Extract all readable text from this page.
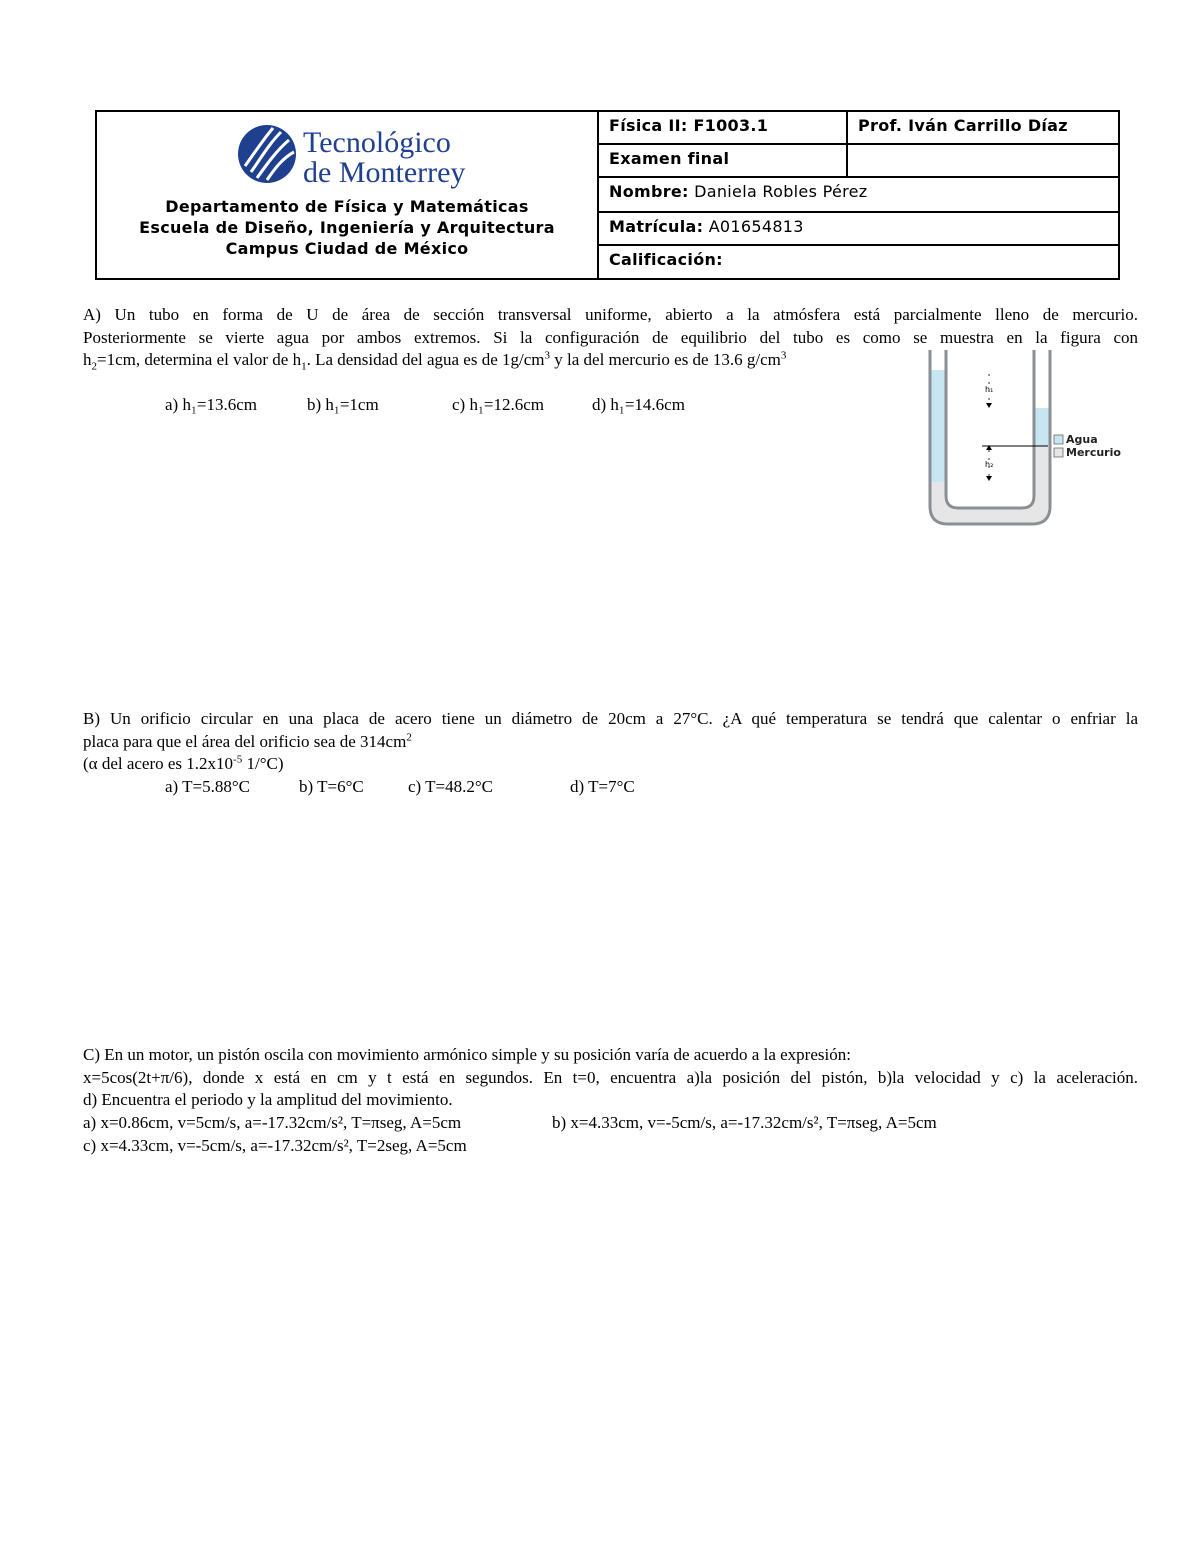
Tecnológico
de Monterrey
Departamento de Física y Matemáticas
Escuela de Diseño, Ingeniería y Arquitectura
Campus Ciudad de México
Física II: F1003.1	Prof. Iván Carrillo Díaz
Examen final
Nombre: Daniela Robles Pérez
Matrícula: A01654813
Calificación:
A) Un tubo en forma de U de área de sección transversal uniforme, abierto a la atmósfera está parcialmente lleno de mercurio.
Posteriormente se vierte agua por ambos extremos. Si la configuración de equilibrio del tubo es como se muestra en la figura con
$h_2=1cm$, determina el valor de $h_1$. La densidad del agua es de $1g/cm^3$ y la del mercurio es de 13.6 $g/cm^3$
a) h₁=13.6cm	b) h₁=1cm	c) h₁=12.6cm	d) h₁=14.6cm
h₁
h₂
Agua
Mercurio
B) Un orificio circular en una placa de acero tiene un diámetro de 20cm a 27°C. ¿A qué temperatura se tendrá que calentar o enfriar la
placa para que el área del orificio sea de $314cm^2$
(α del acero es $1.2x10^{-5}$ 1/°C)
a) T=5.88°C	b) T=6°C	c) T=48.2°C	d) T=7°C
C) En un motor, un pistón oscila con movimiento armónico simple y su posición varía de acuerdo a la expresión:
x=5cos(2t+π/6), donde x está en cm y t está en segundos. En t=0, encuentra a)la posición del pistón, b)la velocidad y c) la aceleración.
d) Encuentra el periodo y la amplitud del movimiento.
a) x=0.86cm, v=5cm/s, a=-17.32cm/s², T=πseg, A=5cm	b) x=4.33cm, v=-5cm/s, a=-17.32cm/s², T=πseg, A=5cm
c) x=4.33cm, v=-5cm/s, a=-17.32cm/s², T=2seg, A=5cm
